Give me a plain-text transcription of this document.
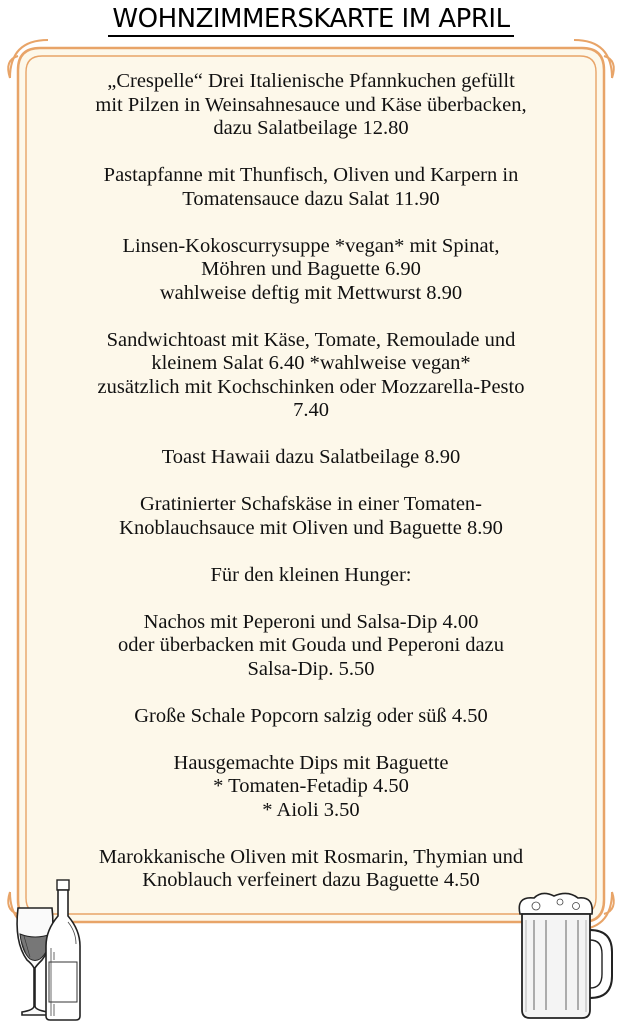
WOHNZIMMERSKARTE IM APRIL
„Crespelle“ Drei Italienische Pfannkuchen gefüllt
mit Pilzen in Weinsahnesauce und Käse überbacken,
dazu Salatbeilage 12.80
Pastapfanne mit Thunfisch, Oliven und Karpern in
Tomatensauce dazu Salat 11.90
Linsen-Kokoscurrysuppe *vegan* mit Spinat,
Möhren und Baguette 6.90
wahlweise deftig mit Mettwurst 8.90
Sandwichtoast mit Käse, Tomate, Remoulade und
kleinem Salat 6.40 *wahlweise vegan*
zusätzlich mit Kochschinken oder Mozzarella-Pesto
7.40
Toast Hawaii dazu Salatbeilage 8.90
Gratinierter Schafskäse in einer Tomaten-
Knoblauchsauce mit Oliven und Baguette 8.90
Für den kleinen Hunger:
Nachos mit Peperoni und Salsa-Dip 4.00
oder überbacken mit Gouda und Peperoni dazu
Salsa-Dip. 5.50
Große Schale Popcorn salzig oder süß 4.50
Hausgemachte Dips mit Baguette
* Tomaten-Fetadip 4.50
* Aioli 3.50
Marokkanische Oliven mit Rosmarin, Thymian und
Knoblauch verfeinert dazu Baguette 4.50
